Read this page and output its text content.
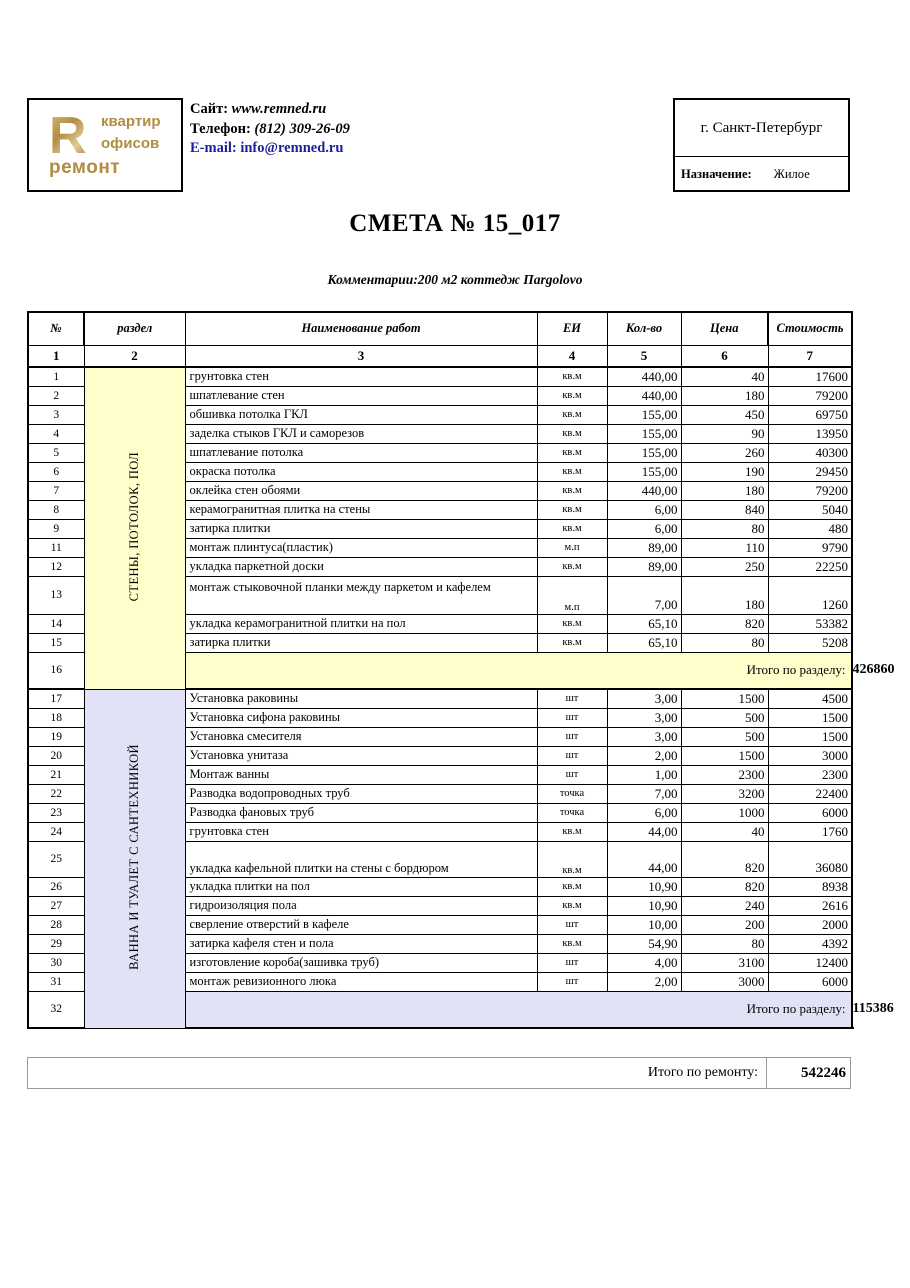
R квартир
офисов
ремонт
Сайт: www.remned.ru
Телефон: (812) 309-26-09
E-mail: info@remned.ru
г. Санкт-Петербург
Назначение: Жилое
СМЕТА № 15_017
Комментарии:200 м2 коттедж Пargolovo
№	раздел	Наименование работ	ЕИ	Кол-во	Цена	Стоимость	
1	2	3	4	5	6	7	
1	СТЕНЫ, ПОТОЛОК, ПОЛ	грунтовка стен	кв.м	440,00	40	17600	
2		шпатлевание стен	кв.м	440,00	180	79200	
3		обшивка потолка ГКЛ	кв.м	155,00	450	69750	
4		заделка стыков ГКЛ и саморезов	кв.м	155,00	90	13950	
5		шпатлевание потолка	кв.м	155,00	260	40300	
6		окраска потолка	кв.м	155,00	190	29450	
7		оклейка стен обоями	кв.м	440,00	180	79200	
8		керамогранитная плитка на стены	кв.м	6,00	840	5040	
9		затирка плитки	кв.м	6,00	80	480	
11		монтаж плинтуса(пластик)	м.п	89,00	110	9790	
12		укладка паркетной доски	кв.м	89,00	250	22250	
13		монтаж стыковочной планки между паркетом и кафелем	м.п	7,00	180	1260	
14		укладка керамогранитной плитки на пол	кв.м	65,10	820	53382	
15		затирка плитки	кв.м	65,10	80	5208	
16		Итого по разделу:					426860
17	ВАННА И ТУАЛЕТ С САНТЕХНИКОЙ	Установка раковины	шт	3,00	1500	4500	
18		Установка сифона раковины	шт	3,00	500	1500	
19		Установка смесителя	шт	3,00	500	1500	
20		Установка унитаза	шт	2,00	1500	3000	
21		Монтаж ванны	шт	1,00	2300	2300	
22		Разводка водопроводных труб	точка	7,00	3200	22400	
23		Разводка фановых труб	точка	6,00	1000	6000	
24		грунтовка стен	кв.м	44,00	40	1760	
25		укладка кафельной плитки на стены с бордюром	кв.м	44,00	820	36080	
26		укладка плитки на пол	кв.м	10,90	820	8938	
27		гидроизоляция пола	кв.м	10,90	240	2616	
28		сверление отверстий в кафеле	шт	10,00	200	2000	
29		затирка кафеля стен и пола	кв.м	54,90	80	4392	
30		изготовление короба(зашивка труб)	шт	4,00	3100	12400	
31		монтаж ревизионного люка	шт	2,00	3000	6000	
32		Итого по разделу:					115386
Итого по ремонту:	542246
